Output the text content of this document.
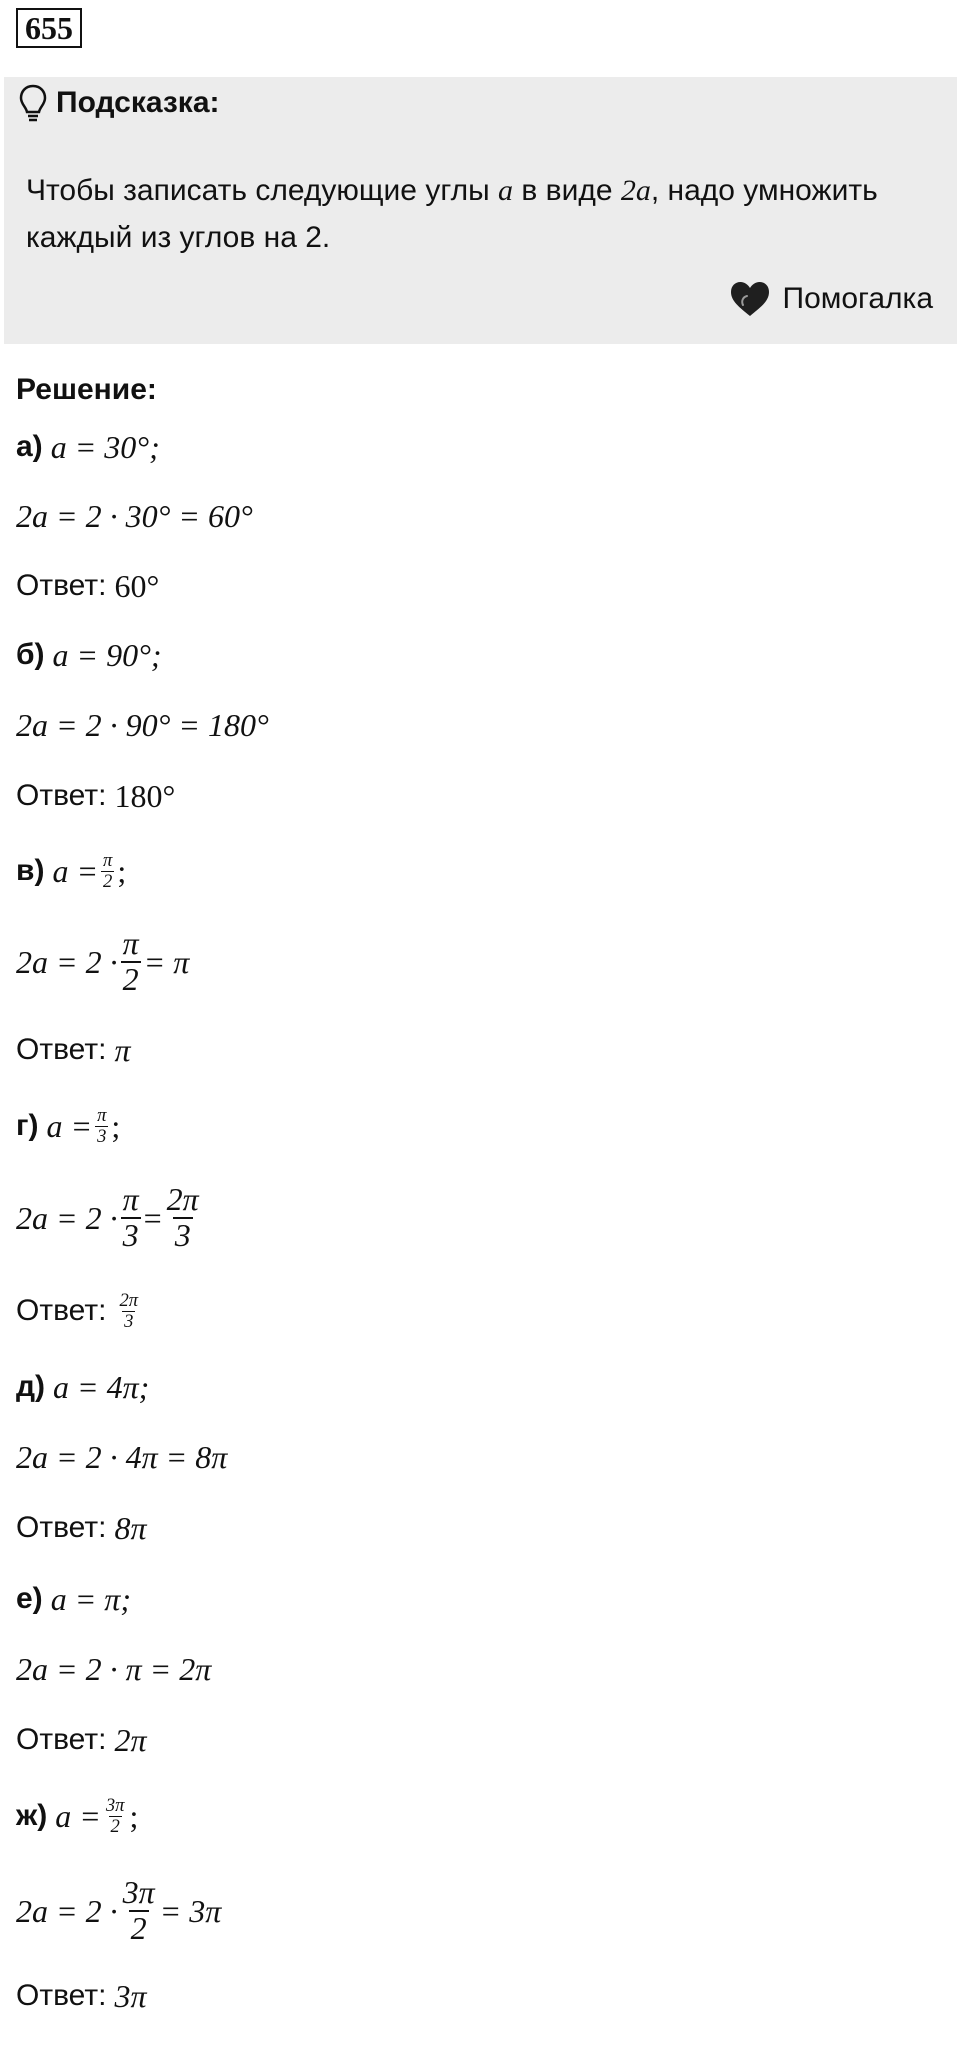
655
Подсказка:
Чтобы записать следующие углы a в виде 2a, надо умножить каждый из углов на 2.
Помогалка
Решение:
а) a = 30°;
2a = 2 · 30° = 60°
Ответ: 60°
б) a = 90°;
2a = 2 · 90° = 180°
Ответ: 180°
в) $a = \frac{\pi}{2}$ ;
$2a = 2 \cdot \frac{\pi}{2} = \pi$
Ответ: π
г) $a = \frac{\pi}{3}$ ;
$2a = 2 \cdot \frac{\pi}{3} = \frac{2\pi}{3}$
Ответ: $\frac{2\pi}{3}$
д) a = 4π;
2a = 2 · 4π = 8π
Ответ: 8π
е) a = π;
2a = 2 · π = 2π
Ответ: 2π
ж) $a = \frac{3\pi}{2}$ ;
$2a = 2 \cdot \frac{3\pi}{2} = 3\pi$
Ответ: 3π
